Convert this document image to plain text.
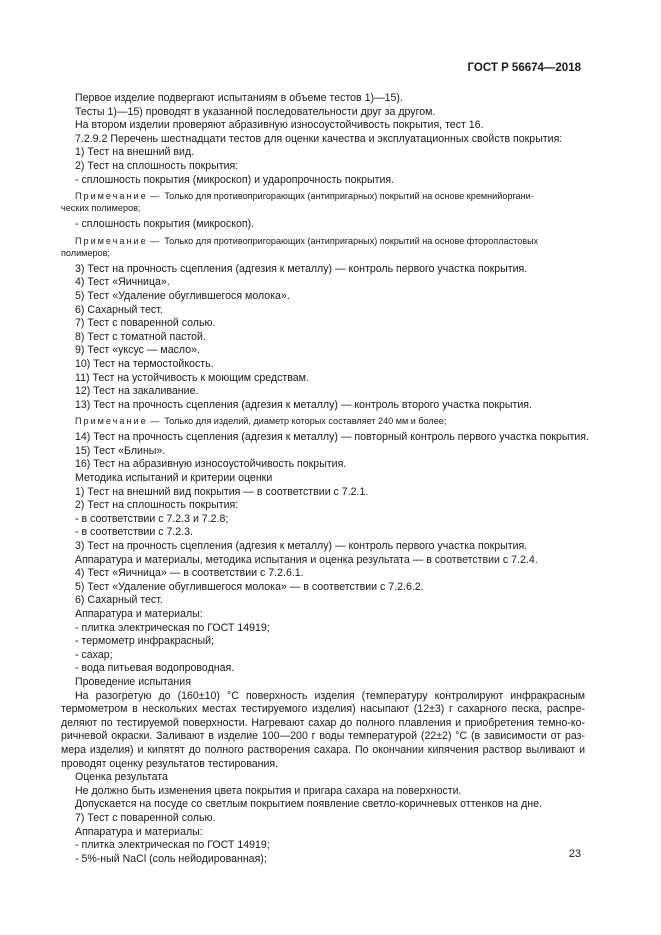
ГОСТ Р 56674—2018
Первое изделие подвергают испытаниям в объеме тестов 1)—15).
Тесты 1)—15) проводят в указанной последовательности друг за другом.
На втором изделии проверяют абразивную износоустойчивость покрытия, тест 16.
7.2.9.2 Перечень шестнадцати тестов для оценки качества и эксплуатационных свойств покрытия:
1) Тест на внешний вид.
2) Тест на сплошность покрытия:
- сплошность покрытия (микроскоп) и ударопрочность покрытия.
Примечание — Только для противопригорающих (антипригарных) покрытий на основе кремнийоргани-
ческих полимеров;
- сплошность покрытия (микроскоп).
Примечание — Только для противопригорающих (антипригарных) покрытий на основе фторопластовых
полимеров;
3) Тест на прочность сцепления (адгезия к металлу) — контроль первого участка покрытия.
4) Тест «Яичница».
5) Тест «Удаление обуглившегося молока».
6) Сахарный тест.
7) Тест с поваренной солью.
8) Тест с томатной пастой.
9) Тест «уксус — масло».
10) Тест на термостойкость.
11) Тест на устойчивость к моющим средствам.
12) Тест на закаливание.
13) Тест на прочность сцепления (адгезия к металлу) — контроль второго участка покрытия.
Примечание — Только для изделий, диаметр которых составляет 240 мм и более;
14) Тест на прочность сцепления (адгезия к металлу) — повторный контроль первого участка покрытия.
15) Тест «Блины».
16) Тест на абразивную износоустойчивость покрытия.
Методика испытаний и критерии оценки
1) Тест на внешний вид покрытия — в соответствии с 7.2.1.
2) Тест на сплошность покрытия:
- в соответствии с 7.2.3 и 7.2.8;
- в соответствии с 7.2.3.
3) Тест на прочность сцепления (адгезия к металлу) — контроль первого участка покрытия.
Аппаратура и материалы, методика испытания и оценка результата — в соответствии с 7.2.4.
4) Тест «Яичница» — в соответствии с 7.2.6.1.
5) Тест «Удаление обуглившегося молока» — в соответствии с 7.2.6.2.
6) Сахарный тест.
Аппаратура и материалы:
- плитка электрическая по ГОСТ 14919;
- термометр инфракрасный;
- сахар;
- вода питьевая водопроводная.
Проведение испытания
На разогретую до (160±10) °С поверхность изделия (температуру контролируют инфракрасным
термометром в нескольких местах тестируемого изделия) насыпают (12±3) г сахарного песка, распре-
деляют по тестируемой поверхности. Нагревают сахар до полного плавления и приобретения темно-ко-
ричневой окраски. Заливают в изделие 100—200 г воды температурой (22±2) °С (в зависимости от раз-
мера изделия) и кипятят до полного растворения сахара. По окончании кипячения раствор выливают и
проводят оценку результатов тестирования.
Оценка результата
Не должно быть изменения цвета покрытия и пригара сахара на поверхности.
Допускается на посуде со светлым покрытием появление светло-коричневых оттенков на дне.
7) Тест с поваренной солью.
Аппаратура и материалы:
- плитка электрическая по ГОСТ 14919;
- 5%-ный NaCl (соль нейодированная);	23
